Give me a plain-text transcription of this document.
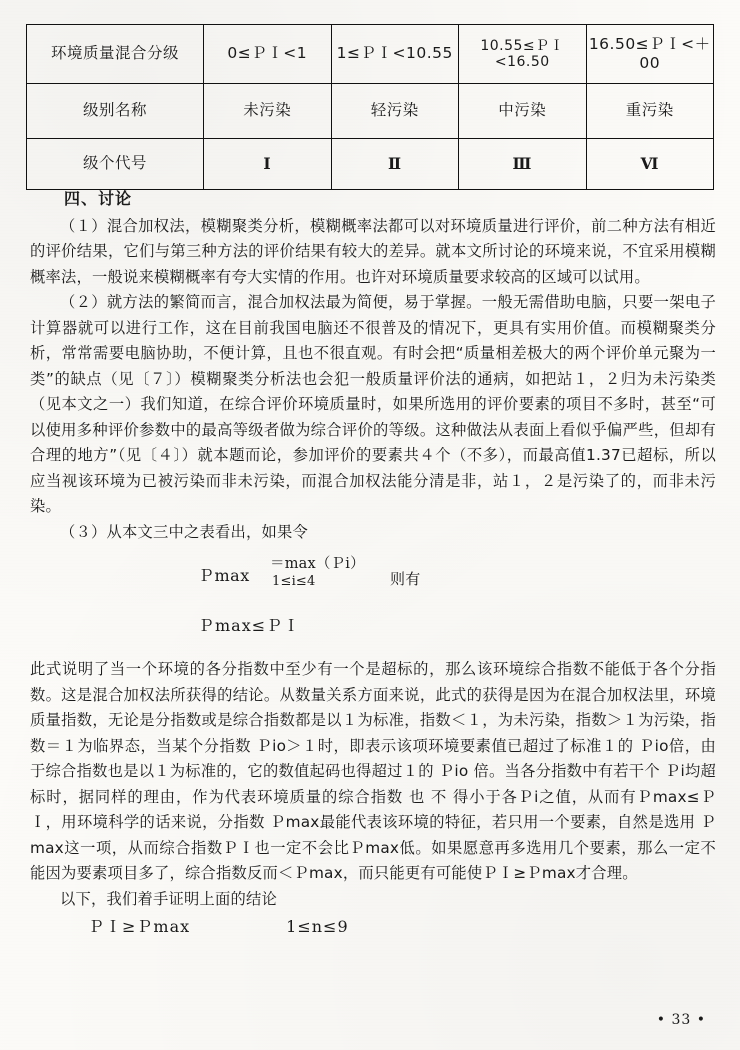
环境质量混合分级	0≤ＰＩ<1	1≤ＰＩ<10.55	10.55≤ＰＩ<16.50	16.50≤ＰＩ<＋00
级别名称	未污染	轻污染	中污染	重污染
级个代号	Ⅰ	Ⅱ	Ⅲ	Ⅵ
四、讨论

（１）混合加权法，模糊聚类分析，模糊概率法都可以对环境质量进行评价，前二种方法有相近的评价结果，它们与第三种方法的评价结果有较大的差异。就本文所讨论的环境来说，不宜采用模糊概率法，一般说来模糊概率有夸大实情的作用。也许对环境质量要求较高的区域可以试用。

（２）就方法的繁简而言，混合加权法最为简便，易于掌握。一般无需借助电脑，只要一架电子计算器就可以进行工作，这在目前我国电脑还不很普及的情况下，更具有实用价值。而模糊聚类分析，常常需要电脑协助，不便计算，且也不很直观。有时会把“质量相差极大的两个评价单元聚为一类”的缺点（见〔７〕）模糊聚类分析法也会犯一般质量评价法的通病，如把站１，２归为未污染类（见本文之一）我们知道，在综合评价环境质量时，如果所选用的评价要素的项目不多时，甚至“可以使用多种评价参数中的最高等级者做为综合评价的等级。这种做法从表面上看似乎偏严些，但却有合理的地方”（见〔４〕）就本题而论，参加评价的要素共４个（不多），而最高值1.37已超标，所以应当视该环境为已被污染而非未污染，而混合加权法能分清是非，站１，２是污染了的，而非未污染。

（３）从本文三中之表看出，如果令

Ｐmax
＝max（Ｐi）
1≤i≤4	则有
Ｐmax≤ＰＩ

此式说明了当一个环境的各分指数中至少有一个是超标的，那么该环境综合指数不能低于各个分指数。这是混合加权法所获得的结论。从数量关系方面来说，此式的获得是因为在混合加权法里，环境质量指数，无论是分指数或是综合指数都是以１为标准，指数＜１，为未污染，指数＞１为污染，指数＝１为临界态，当某个分指数 Ｐio＞１时，即表示该项环境要素值已超过了标准１的 Ｐio倍，由于综合指数也是以１为标准的，它的数值起码也得超过１的 Ｐio 倍。当各分指数中有若干个 Ｐi均超标时，据同样的理由，作为代表环境质量的综合指数 也 不 得小于各Ｐi之值，从而有Ｐmax≤ＰＩ，用环境科学的话来说，分指数 Ｐmax最能代表该环境的特征，若只用一个要素，自然是选用 Ｐmax这一项，从而综合指数ＰＩ也一定不会比Ｐmax低。如果愿意再多选用几个要素，那么一定不能因为要素项目多了，综合指数反而＜Ｐmax，而只能更有可能使ＰＩ≥Ｐmax才合理。

以下，我们着手证明上面的结论

ＰＩ≥Ｐmax	1≤n≤9
• 33 •
